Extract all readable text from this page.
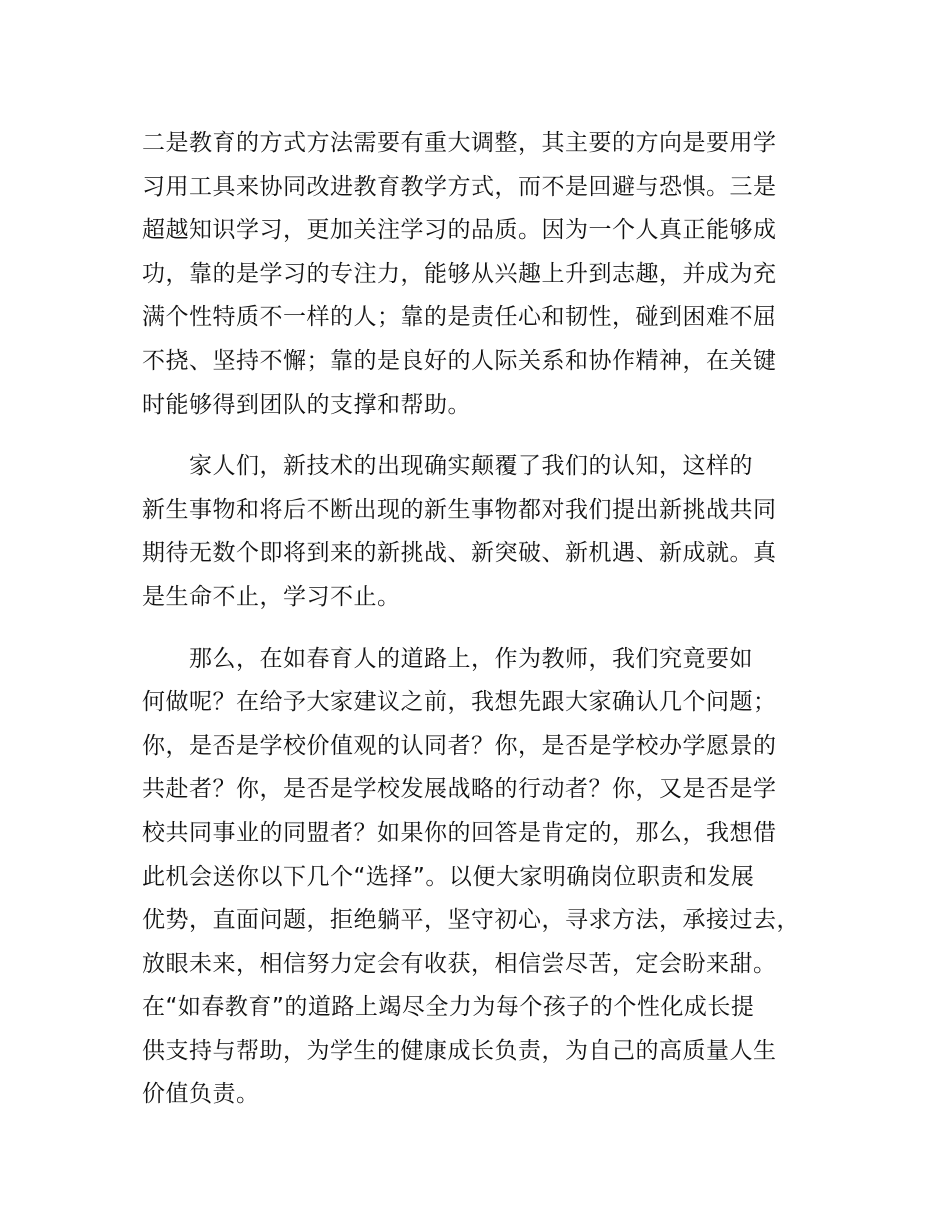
二是教育的方式方法需要有重大调整，其主要的方向是要用学
习用工具来协同改进教育教学方式，而不是回避与恐惧。三是
超越知识学习，更加关注学习的品质。因为一个人真正能够成
功，靠的是学习的专注力，能够从兴趣上升到志趣，并成为充
满个性特质不一样的人；靠的是责任心和韧性，碰到困难不屈
不挠、坚持不懈；靠的是良好的人际关系和协作精神，在关键
时能够得到团队的支撑和帮助。
家人们，新技术的出现确实颠覆了我们的认知，这样的
新生事物和将后不断出现的新生事物都对我们提出新挑战共同
期待无数个即将到来的新挑战、新突破、新机遇、新成就。真
是生命不止，学习不止。
那么，在如春育人的道路上，作为教师，我们究竟要如
何做呢？在给予大家建议之前，我想先跟大家确认几个问题；
你，是否是学校价值观的认同者？你，是否是学校办学愿景的
共赴者？你，是否是学校发展战略的行动者？你，又是否是学
校共同事业的同盟者？如果你的回答是肯定的，那么，我想借
此机会送你以下几个“选择”。以便大家明确岗位职责和发展
优势，直面问题，拒绝躺平，坚守初心，寻求方法，承接过去，
放眼未来，相信努力定会有收获，相信尝尽苦，定会盼来甜。
在“如春教育”的道路上竭尽全力为每个孩子的个性化成长提
供支持与帮助，为学生的健康成长负责，为自己的高质量人生
价值负责。
